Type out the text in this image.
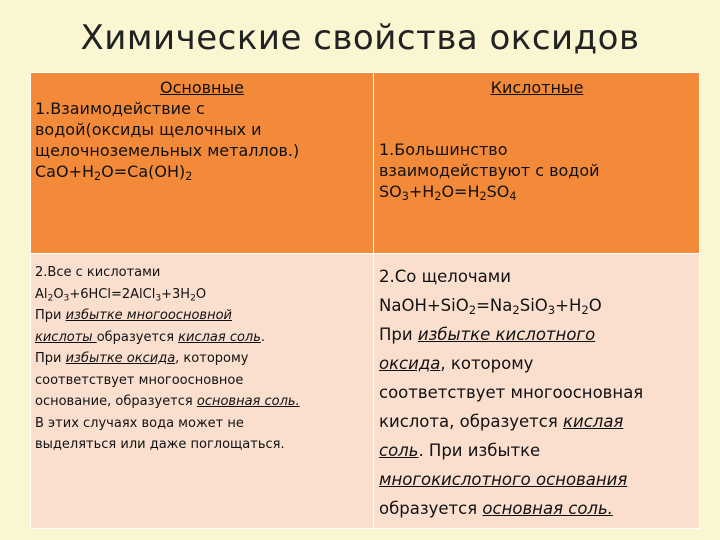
Химические свойства оксидов
Основные
1.Взаимодействие с
водой(оксиды щелочных и
щелочноземельных металлов.)
$CaO+H_2O=Ca(OH)_2$
Кислотные
1.Большинство
взаимодействуют с водой
$SO_3+H_2O=H_2SO_4$
2.Все с кислотами
$Al_2O_3+6HCl=2AlCl_3+3H_2O$
При избытке многоосновной
кислоты образуется кислая соль.
При избытке оксида, которому
соответствует многоосновное
основание, образуется основная соль.
В этих случаях вода может не
выделяться или даже поглощаться.
2.Со щелочами
$NaOH+SiO_2=Na_2SiO_3+H_2O$
При избытке кислотного
оксида, которому
соответствует многоосновная
кислота, образуется кислая
соль. При избытке
многокислотного основания
образуется основная соль.
